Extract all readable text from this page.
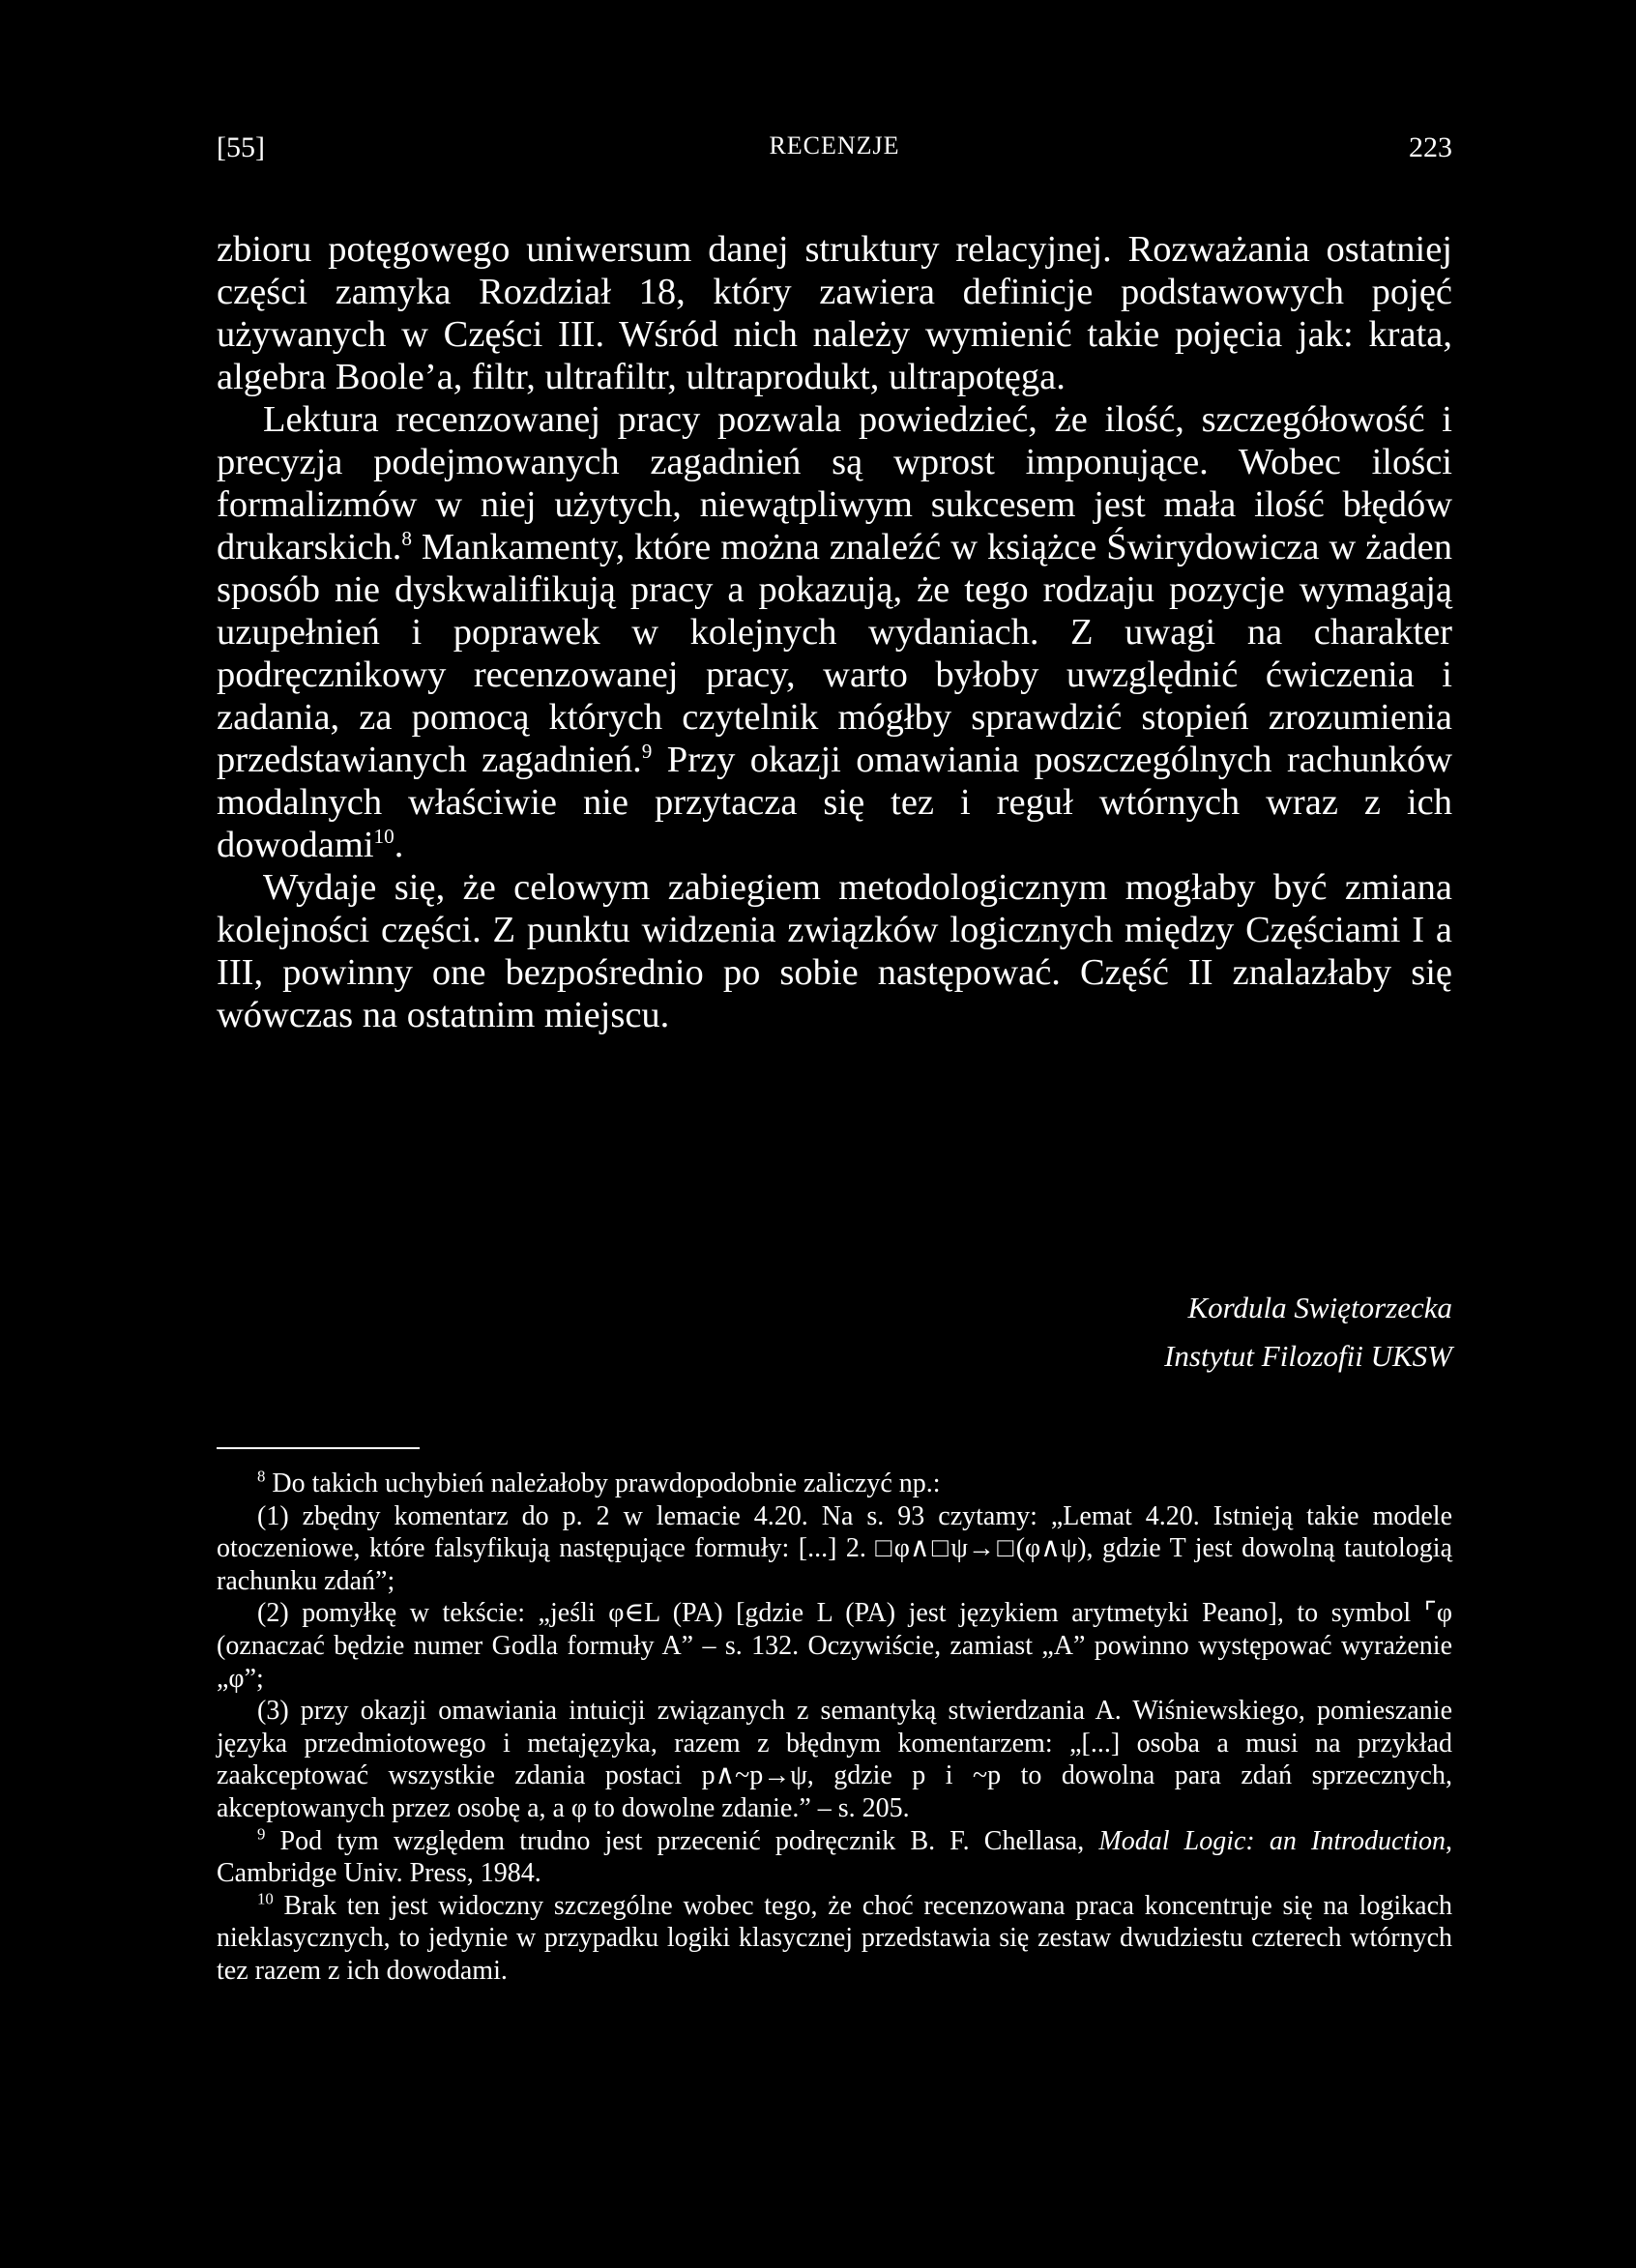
[55]	RECENZJE	223

zbioru potęgowego uniwersum danej struktury relacyjnej. Rozważania ostatniej części zamyka Rozdział 18, który zawiera definicje podstawowych pojęć używanych w Części III. Wśród nich należy wymienić takie pojęcia jak: krata, algebra Boole’a, filtr, ultrafiltr, ultraprodukt, ultrapotęga.

Lektura recenzowanej pracy pozwala powiedzieć, że ilość, szczegółowość i precyzja podejmowanych zagadnień są wprost imponujące. Wobec ilości formalizmów w niej użytych, niewątpliwym sukcesem jest mała ilość błędów drukarskich.$^8$ Mankamenty, które można znaleźć w książce Świrydowicza w żaden sposób nie dyskwalifikują pracy a pokazują, że tego rodzaju pozycje wymagają uzupełnień i poprawek w kolejnych wydaniach. Z uwagi na charakter podręcznikowy recenzowanej pracy, warto byłoby uwzględnić ćwiczenia i zadania, za pomocą których czytelnik mógłby sprawdzić stopień zrozumienia przedstawianych zagadnień.$^9$ Przy okazji omawiania poszczególnych rachunków modalnych właściwie nie przytacza się tez i reguł wtórnych wraz z ich dowodami$^{10}$.

Wydaje się, że celowym zabiegiem metodologicznym mogłaby być zmiana kolejności części. Z punktu widzenia związków logicznych między Częściami I a III, powinny one bezpośrednio po sobie następować. Część II znalazłaby się wówczas na ostatnim miejscu.

Kordula Swiętorzecka
Instytut Filozofii UKSW

$^8$ Do takich uchybień należałoby prawdopodobnie zaliczyć np.:

(1) zbędny komentarz do p. 2 w lemacie 4.20. Na s. 93 czytamy: „Lemat 4.20. Istnieją takie modele otoczeniowe, które falsyfikują następujące formuły: [...] 2. □φ∧□ψ→□(φ∧ψ), gdzie T jest dowolną tautologią rachunku zdań”;

(2) pomyłkę w tekście: „jeśli φ∈L (PA) [gdzie L (PA) jest językiem arytmetyki Peano], to symbol ⌜φ (oznaczać będzie numer Godla formuły A” – s. 132. Oczywiście, zamiast „A” powinno występować wyrażenie „φ”;

(3) przy okazji omawiania intuicji związanych z semantyką stwierdzania A. Wiśniewskiego, pomieszanie języka przedmiotowego i metajęzyka, razem z błędnym komentarzem: „[...] osoba a musi na przykład zaakceptować wszystkie zdania postaci p∧~p→ψ, gdzie p i ~p to dowolna para zdań sprzecznych, akceptowanych przez osobę a, a φ to dowolne zdanie.” – s. 205.

$^9$ Pod tym względem trudno jest przecenić podręcznik B. F. Chellasa, Modal Logic: an Introduction, Cambridge Univ. Press, 1984.

$^{10}$ Brak ten jest widoczny szczególne wobec tego, że choć recenzowana praca koncentruje się na logikach nieklasycznych, to jedynie w przypadku logiki klasycznej przedstawia się zestaw dwudziestu czterech wtórnych tez razem z ich dowodami.
